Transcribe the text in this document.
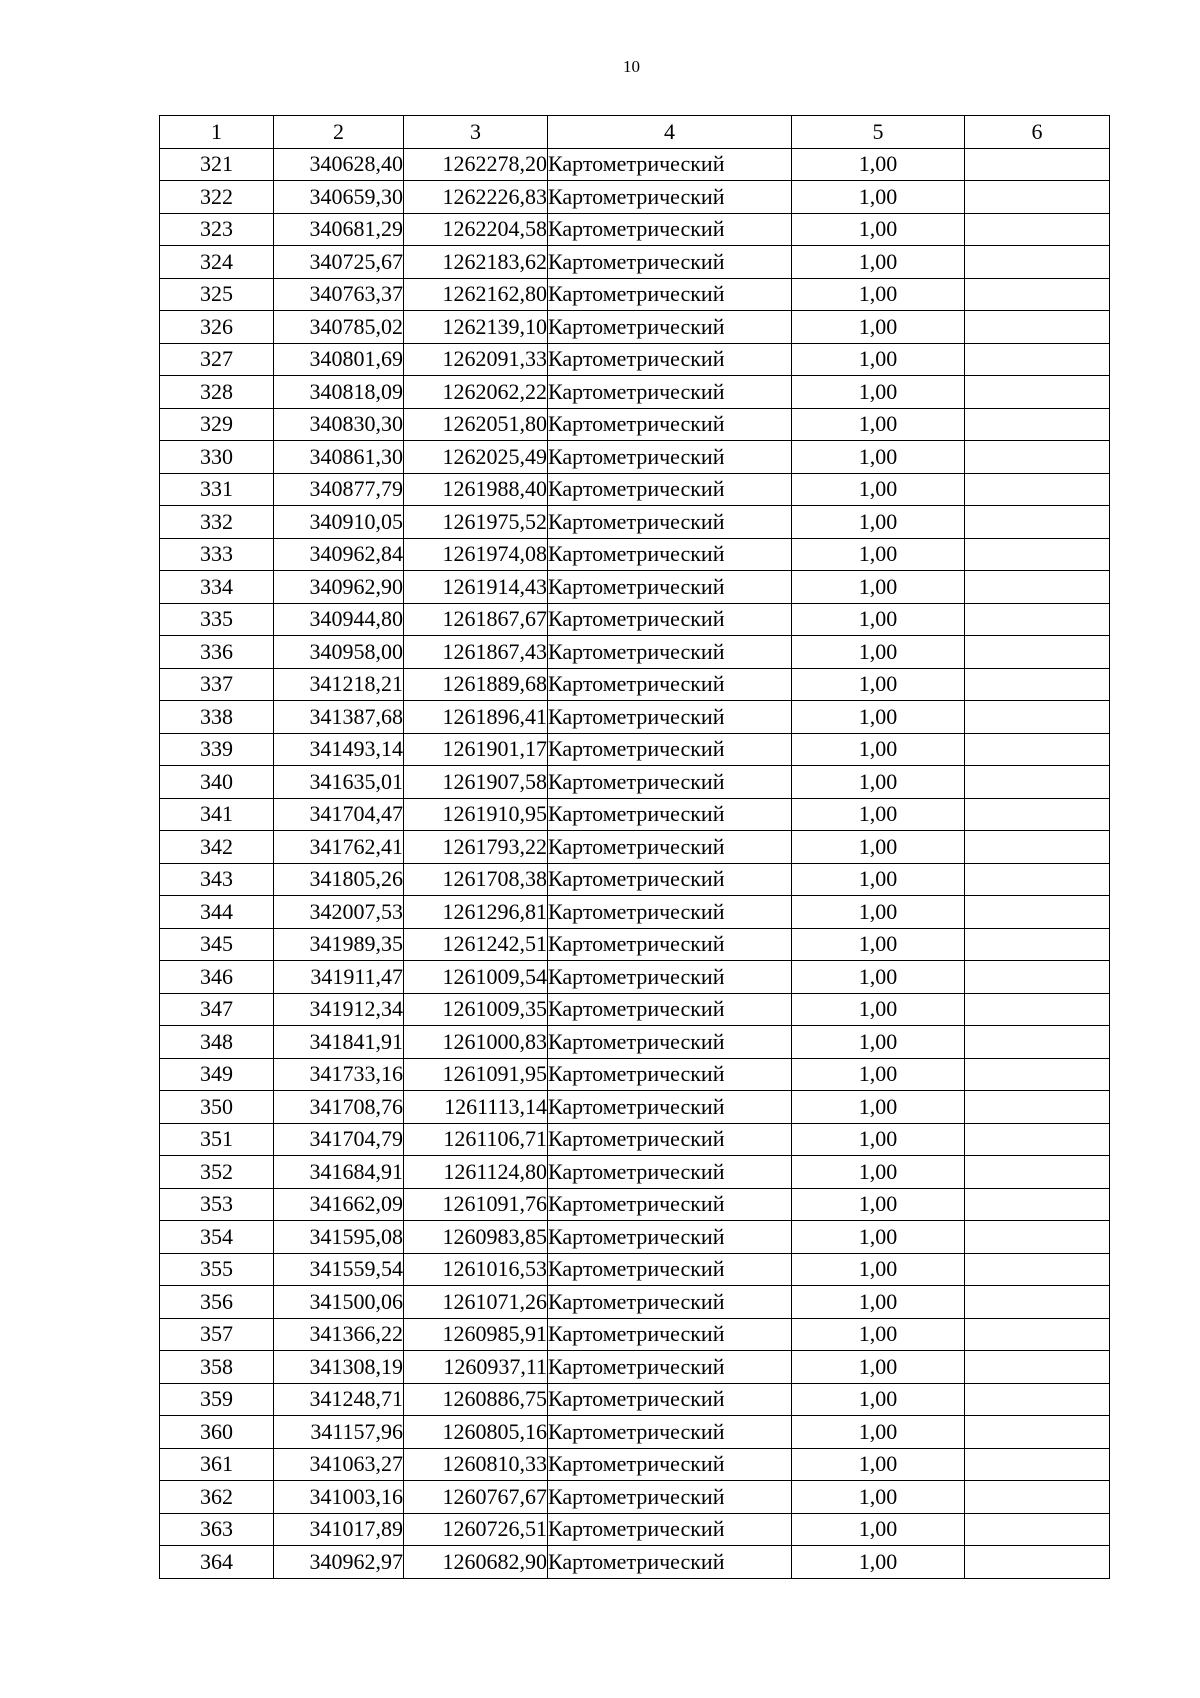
10
1	2	3	4	5	6
321	340628,40	1262278,20	Картометрический	1,00	
322	340659,30	1262226,83	Картометрический	1,00	
323	340681,29	1262204,58	Картометрический	1,00	
324	340725,67	1262183,62	Картометрический	1,00	
325	340763,37	1262162,80	Картометрический	1,00	
326	340785,02	1262139,10	Картометрический	1,00	
327	340801,69	1262091,33	Картометрический	1,00	
328	340818,09	1262062,22	Картометрический	1,00	
329	340830,30	1262051,80	Картометрический	1,00	
330	340861,30	1262025,49	Картометрический	1,00	
331	340877,79	1261988,40	Картометрический	1,00	
332	340910,05	1261975,52	Картометрический	1,00	
333	340962,84	1261974,08	Картометрический	1,00	
334	340962,90	1261914,43	Картометрический	1,00	
335	340944,80	1261867,67	Картометрический	1,00	
336	340958,00	1261867,43	Картометрический	1,00	
337	341218,21	1261889,68	Картометрический	1,00	
338	341387,68	1261896,41	Картометрический	1,00	
339	341493,14	1261901,17	Картометрический	1,00	
340	341635,01	1261907,58	Картометрический	1,00	
341	341704,47	1261910,95	Картометрический	1,00	
342	341762,41	1261793,22	Картометрический	1,00	
343	341805,26	1261708,38	Картометрический	1,00	
344	342007,53	1261296,81	Картометрический	1,00	
345	341989,35	1261242,51	Картометрический	1,00	
346	341911,47	1261009,54	Картометрический	1,00	
347	341912,34	1261009,35	Картометрический	1,00	
348	341841,91	1261000,83	Картометрический	1,00	
349	341733,16	1261091,95	Картометрический	1,00	
350	341708,76	1261113,14	Картометрический	1,00	
351	341704,79	1261106,71	Картометрический	1,00	
352	341684,91	1261124,80	Картометрический	1,00	
353	341662,09	1261091,76	Картометрический	1,00	
354	341595,08	1260983,85	Картометрический	1,00	
355	341559,54	1261016,53	Картометрический	1,00	
356	341500,06	1261071,26	Картометрический	1,00	
357	341366,22	1260985,91	Картометрический	1,00	
358	341308,19	1260937,11	Картометрический	1,00	
359	341248,71	1260886,75	Картометрический	1,00	
360	341157,96	1260805,16	Картометрический	1,00	
361	341063,27	1260810,33	Картометрический	1,00	
362	341003,16	1260767,67	Картометрический	1,00	
363	341017,89	1260726,51	Картометрический	1,00	
364	340962,97	1260682,90	Картометрический	1,00	
